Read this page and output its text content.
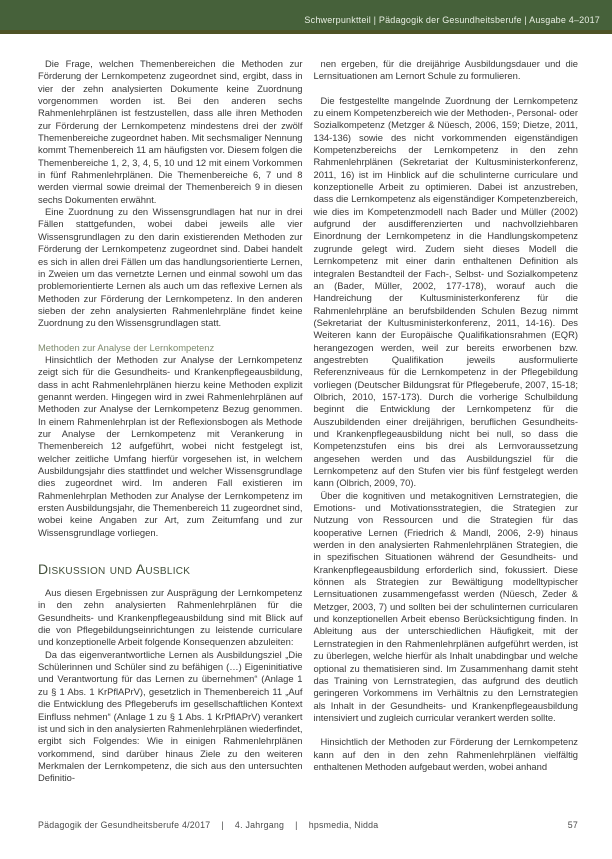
Schwerpunktteil | Pädagogik der Gesundheitsberufe | Ausgabe 4–2017

Die Frage, welchen Themenbereichen die Methoden zur Förderung der Lernkompetenz zugeordnet sind, ergibt, dass in vier der zehn analysierten Dokumente keine Zuordnung vorgenommen worden ist. Bei den anderen sechs Rahmenlehrplänen ist festzustellen, dass alle ihren Methoden zur Förderung der Lernkompetenz mindestens drei der zwölf Themenbereiche zugeordnet haben. Mit sechsmaliger Nennung kommt Themenbereich 11 am häufigsten vor. Diesem folgen die Themenbereiche 1, 2, 3, 4, 5, 10 und 12 mit einem Vorkommen in fünf Rahmenlehrplänen. Die Themenbereiche 6, 7 und 8 werden viermal sowie dreimal der Themenbereich 9 in diesen sechs Dokumenten erwähnt.

Eine Zuordnung zu den Wissensgrundlagen hat nur in drei Fällen stattgefunden, wobei dabei jeweils alle vier Wissensgrundlagen zu den darin existierenden Methoden zur Förderung der Lernkompetenz zugeordnet sind. Dabei handelt es sich in allen drei Fällen um das handlungsorientierte Lernen, in Zweien um das vernetzte Lernen und einmal sowohl um das problemorientierte Lernen als auch um das reflexive Lernen als Methoden zur Förderung der Lernkompetenz. In den anderen sieben der zehn analysierten Rahmenlehrpläne findet keine Zuordnung zu den Wissensgrundlagen statt.

Methoden zur Analyse der Lernkompetenz

Hinsichtlich der Methoden zur Analyse der Lernkompetenz zeigt sich für die Gesundheits- und Krankenpflegeausbildung, dass in acht Rahmenlehrplänen hierzu keine Methoden explizit genannt werden. Hingegen wird in zwei Rahmenlehrplänen auf Methoden zur Analyse der Lernkompetenz Bezug genommen. In einem Rahmenlehrplan ist der Reflexionsbogen als Methode zur Analyse der Lernkompetenz mit Verankerung in Themenbereich 12 aufgeführt, wobei nicht festgelegt ist, welcher zeitliche Umfang hierfür vorgesehen ist, in welchem Ausbildungsjahr dies stattfindet und welcher Wissensgrundlage dies zugeordnet wird. Im anderen Fall existieren im Rahmenlehrplan Methoden zur Analyse der Lernkompetenz im ersten Ausbildungsjahr, die Themenbereich 11 zugeordnet sind, wobei keine Angaben zur Art, zum Zeitumfang und zur Wissensgrundlage vorliegen.

Diskussion und Ausblick

Aus diesen Ergebnissen zur Ausprägung der Lernkompetenz in den zehn analysierten Rahmenlehrplänen für die Gesundheits- und Krankenpflegeausbildung sind mit Blick auf die von Pflegebildungseinrichtungen zu leistende curriculare und konzeptionelle Arbeit folgende Konsequenzen abzuleiten:

Da das eigenverantwortliche Lernen als Ausbildungsziel „Die Schülerinnen und Schüler sind zu befähigen (…) Eigeninitiative und Verantwortung für das Lernen zu übernehmen“ (Anlage 1 zu § 1 Abs. 1 KrPflAPrV), gesetzlich in Themenbereich 11 „Auf die Entwicklung des Pflegeberufs im gesellschaftlichen Kontext Einfluss nehmen“ (Anlage 1 zu § 1 Abs. 1 KrPflAPrV) verankert ist und sich in den analysierten Rahmenlehrplänen wiederfindet, ergibt sich Folgendes: Wie in einigen Rahmenlehrplänen vorkommend, sind darüber hinaus Ziele zu den weiteren Merkmalen der Lernkompetenz, die sich aus den untersuchten Definitio-

nen ergeben, für die dreijährige Ausbildungsdauer und die Lernsituationen am Lernort Schule zu formulieren.

Die festgestellte mangelnde Zuordnung der Lernkompetenz zu einem Kompetenzbereich wie der Methoden-, Personal- oder Sozialkompetenz (Metzger & Nüesch, 2006, 159; Dietze, 2011, 134-136) sowie des nicht vorkommenden eigenständigen Kompetenzbereichs der Lernkompetenz in den zehn Rahmenlehrplänen (Sekretariat der Kultusministerkonferenz, 2011, 16) ist im Hinblick auf die schulinterne curriculare und konzeptionelle Arbeit zu optimieren. Dabei ist anzustreben, dass die Lernkompetenz als eigenständiger Kompetenzbereich, wie dies im Kompetenzmodell nach Bader und Müller (2002) aufgrund der ausdifferenzierten und nachvollziehbaren Einordnung der Lernkompetenz in die Handlungskompetenz zugrunde gelegt wird. Zudem sieht dieses Modell die Lernkompetenz mit einer darin enthaltenen Definition als integralen Bestandteil der Fach-, Selbst- und Sozialkompetenz an (Bader, Müller, 2002, 177-178), worauf auch die Handreichung der Kultusministerkonferenz für die Rahmenlehrpläne an berufsbildenden Schulen Bezug nimmt (Sekretariat der Kultusministerkonferenz, 2011, 14-16). Des Weiteren kann der Europäische Qualifikationsrahmen (EQR) herangezogen werden, weil zur bereits erworbenen bzw. angestrebten Qualifikation jeweils ausformulierte Referenzniveaus für die Lernkompetenz in der Pflegebildung vorliegen (Deutscher Bildungsrat für Pflegeberufe, 2007, 15-18; Olbrich, 2010, 157-173). Durch die vorherige Schulbildung beginnt die Entwicklung der Lernkompetenz für die Auszubildenden einer dreijährigen, beruflichen Gesundheits- und Krankenpflegeausbildung nicht bei null, so dass die Kompetenzstufen eins bis drei als Lernvoraussetzung angesehen werden und das Ausbildungsziel für die Lernkompetenz auf den Stufen vier bis fünf festgelegt werden kann (Olbrich, 2009, 70).

Über die kognitiven und metakognitiven Lernstrategien, die Emotions- und Motivationsstrategien, die Strategien zur Nutzung von Ressourcen und die Strategien für das kooperative Lernen (Friedrich & Mandl, 2006, 2-9) hinaus werden in den analysierten Rahmenlehrplänen Strategien, die in spezifischen Situationen während der Gesundheits- und Krankenpflegeausbildung erforderlich sind, fokussiert. Diese können als Strategien zur Bewältigung modelltypischer Lernsituationen zusammengefasst werden (Nüesch, Zeder & Metzger, 2003, 7) und sollten bei der schulinternen curricularen und konzeptionellen Arbeit ebenso Berücksichtigung finden. In Ableitung aus der unterschiedlichen Häufigkeit, mit der Lernstrategien in den Rahmenlehrplänen aufgeführt werden, ist zu überlegen, welche hierfür als Inhalt unabdingbar und welche optional zu thematisieren sind. Im Zusammenhang damit steht das Training von Lernstrategien, das aufgrund des deutlich geringeren Vorkommens im Verhältnis zu den Lernstrategien als Inhalt in der Gesundheits- und Krankenpflegeausbildung intensiviert und zugleich curricular verankert werden sollte.

Hinsichtlich der Methoden zur Förderung der Lernkompetenz kann auf den in den zehn Rahmenlehrplänen vielfältig enthaltenen Methoden aufgebaut werden, wobei anhand

Pädagogik der Gesundheitsberufe 4/2017 | 4. Jahrgang | hpsmedia, Nidda	57
